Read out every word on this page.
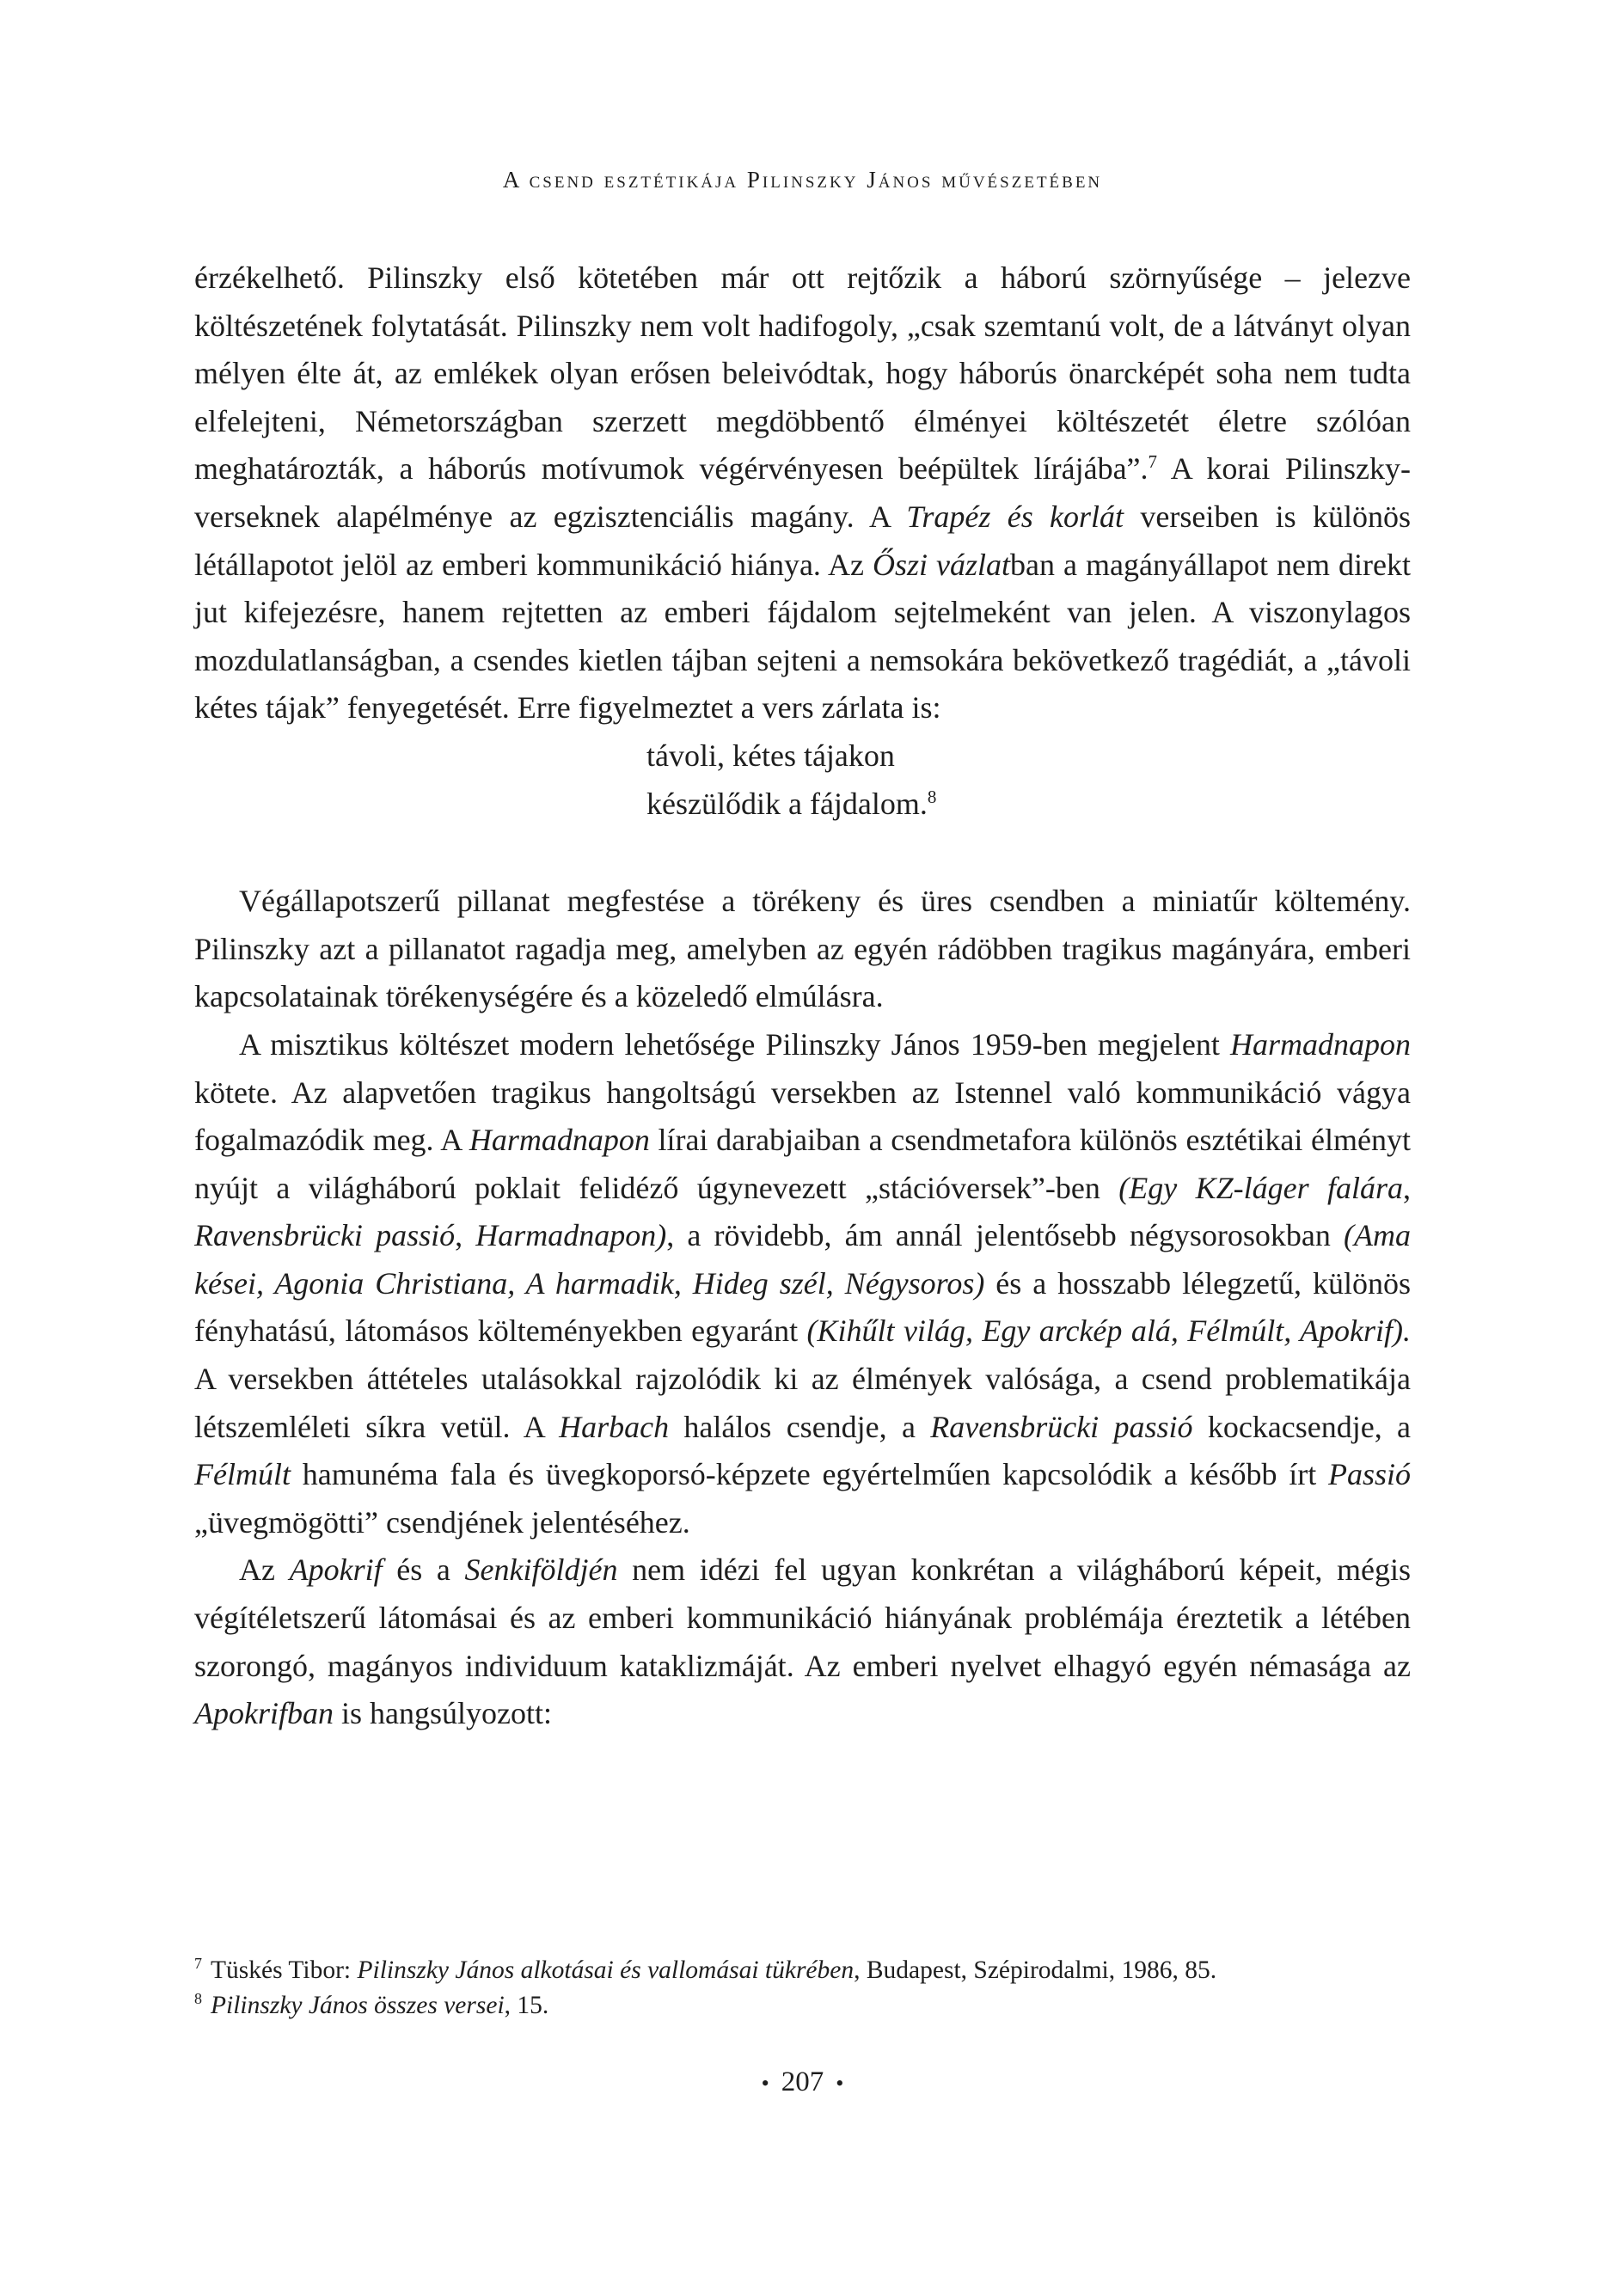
A csend esztétikája Pilinszky János művészetében

érzékelhető. Pilinszky első kötetében már ott rejtőzik a háború szörnyűsége – jelezve költészetének folytatását. Pilinszky nem volt hadifogoly, „csak szemtanú volt, de a látványt olyan mélyen élte át, az emlékek olyan erősen beleivódtak, hogy háborús önarcképét soha nem tudta elfelejteni, Németországban szerzett megdöbbentő élményei költészetét életre szólóan meghatározták, a háborús motívumok végérvényesen beépültek lírájába”.$^7$ A korai Pilinszky-verseknek alapélménye az egzisztenciális magány. A Trapéz és korlát verseiben is különös létállapotot jelöl az emberi kommunikáció hiánya. Az Őszi vázlatban a magányállapot nem direkt jut kifejezésre, hanem rejtetten az emberi fájdalom sejtelmeként van jelen. A viszonylagos mozdulatlanságban, a csendes kietlen tájban sejteni a nemsokára bekövetkező tragédiát, a „távoli kétes tájak” fenyegetését. Erre figyelmeztet a vers zárlata is:

távoli, kétes tájakon

készülődik a fájdalom.$^8$

Végállapotszerű pillanat megfestése a törékeny és üres csendben a miniatűr költemény. Pilinszky azt a pillanatot ragadja meg, amelyben az egyén rádöbben tragikus magányára, emberi kapcsolatainak törékenységére és a közeledő elmúlásra.

A misztikus költészet modern lehetősége Pilinszky János 1959-ben megjelent Harmadnapon kötete. Az alapvetően tragikus hangoltságú versekben az Istennel való kommunikáció vágya fogalmazódik meg. A Harmadnapon lírai darabjaiban a csendmetafora különös esztétikai élményt nyújt a világháború poklait felidéző úgynevezett „stációversek”-ben (Egy KZ-láger falára, Ravensbrücki passió, Harmadnapon), a rövidebb, ám annál jelentősebb négysorosokban (Ama kései, Agonia Christiana, A harmadik, Hideg szél, Négysoros) és a hosszabb lélegzetű, különös fényhatású, látomásos költeményekben egyaránt (Kihűlt világ, Egy arckép alá, Félmúlt, Apokrif). A versekben áttételes utalásokkal rajzolódik ki az élmények valósága, a csend problematikája létszemléleti síkra vetül. A Harbach halálos csendje, a Ravensbrücki passió kockacsendje, a Félmúlt hamunéma fala és üvegkoporsó-képzete egyértelműen kapcsolódik a később írt Passió „üvegmögötti” csendjének jelentéséhez.

Az Apokrif és a Senkiföldjén nem idézi fel ugyan konkrétan a világháború képeit, mégis végítéletszerű látomásai és az emberi kommunikáció hiányának problémája éreztetik a létében szorongó, magányos individuum kataklizmáját. Az emberi nyelvet elhagyó egyén némasága az Apokrifban is hangsúlyozott:

$^7$ Tüskés Tibor: Pilinszky János alkotásai és vallomásai tükrében, Budapest, Szépirodalmi, 1986, 85.

$^8$ Pilinszky János összes versei, 15.

• 207 •
